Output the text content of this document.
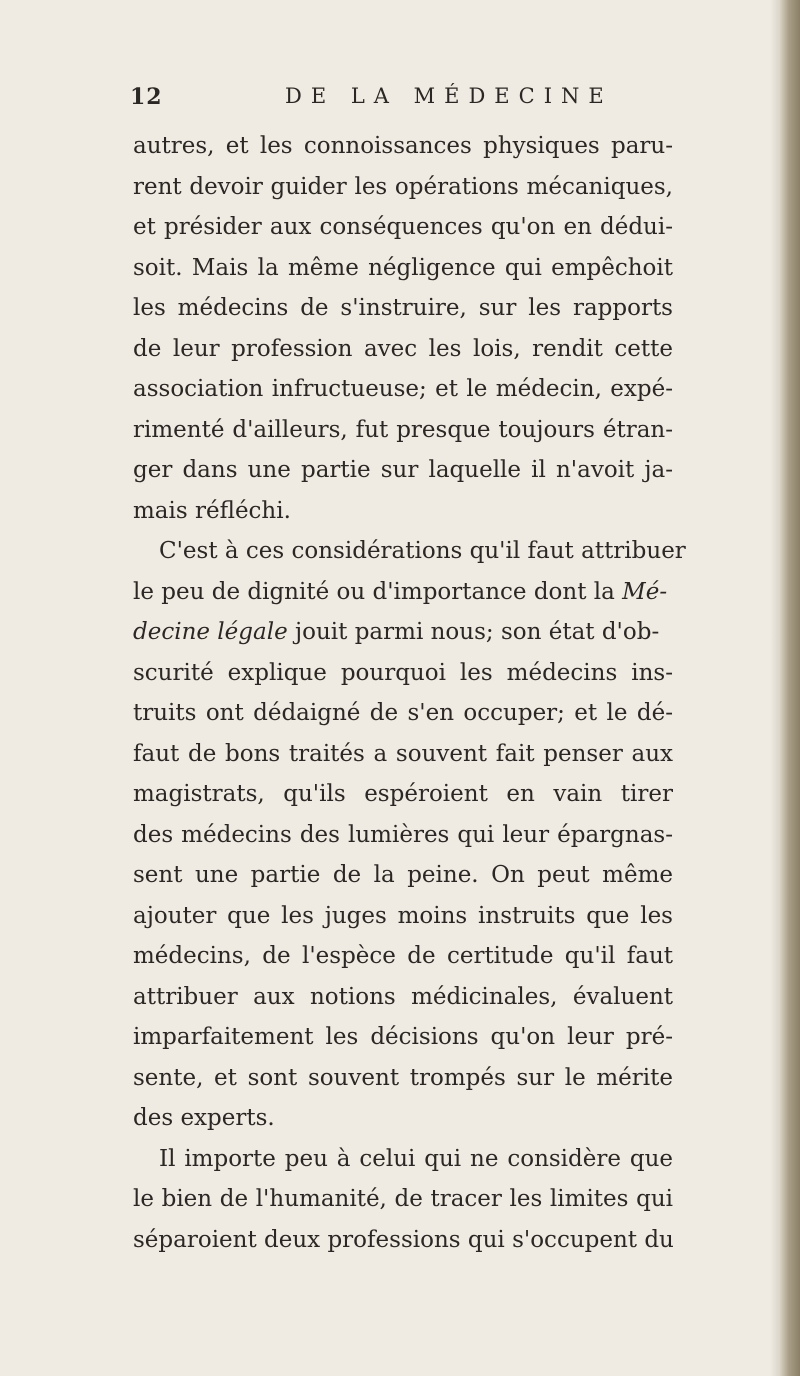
12	DE LA MÉDECINE
autres, et les connoissances physiques paru-
rent devoir guider les opérations mécaniques,
et présider aux conséquences qu'on en dédui-
soit. Mais la même négligence qui empêchoit
les médecins de s'instruire, sur les rapports
de leur profession avec les lois, rendit cette
association infructueuse; et le médecin, expé-
rimenté d'ailleurs, fut presque toujours étran-
ger dans une partie sur laquelle il n'avoit ja-
mais réfléchi.
C'est à ces considérations qu'il faut attribuer
le peu de dignité ou d'importance dont la Mé-
decine légale jouit parmi nous; son état d'ob-
scurité explique pourquoi les médecins ins-
truits ont dédaigné de s'en occuper; et le dé-
faut de bons traités a souvent fait penser aux
magistrats, qu'ils espéroient en vain tirer
des médecins des lumières qui leur épargnas-
sent une partie de la peine. On peut même
ajouter que les juges moins instruits que les
médecins, de l'espèce de certitude qu'il faut
attribuer aux notions médicinales, évaluent
imparfaitement les décisions qu'on leur pré-
sente, et sont souvent trompés sur le mérite
des experts.
Il importe peu à celui qui ne considère que
le bien de l'humanité, de tracer les limites qui
séparoient deux professions qui s'occupent du
